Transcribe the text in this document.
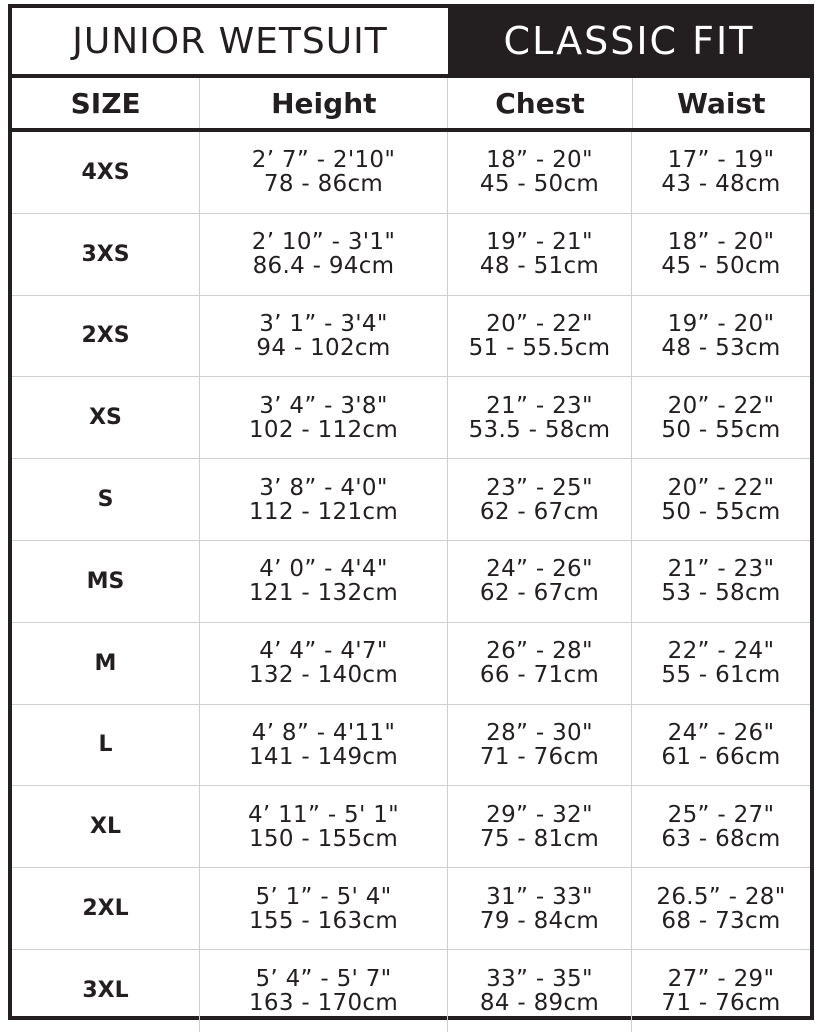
JUNIOR WETSUIT	CLASSIC FIT
SIZE	Height	Chest	Waist
4XS	2’ 7” - 2'10"
78 - 86cm
18” - 20"
45 - 50cm
17” - 19"
43 - 48cm
3XS	2’ 10” - 3'1"
86.4 - 94cm
19” - 21"
48 - 51cm
18” - 20"
45 - 50cm
2XS	3’ 1” - 3'4"
94 - 102cm
20” - 22"
51 - 55.5cm
19” - 20"
48 - 53cm
XS	3’ 4” - 3'8"
102 - 112cm
21” - 23"
53.5 - 58cm
20” - 22"
50 - 55cm
S	3’ 8” - 4'0"
112 - 121cm
23” - 25"
62 - 67cm
20” - 22"
50 - 55cm
MS	4’ 0” - 4'4"
121 - 132cm
24” - 26"
62 - 67cm
21” - 23"
53 - 58cm
M	4’ 4” - 4'7"
132 - 140cm
26” - 28"
66 - 71cm
22” - 24"
55 - 61cm
L	4’ 8” - 4'11"
141 - 149cm
28” - 30"
71 - 76cm
24” - 26"
61 - 66cm
XL	4’ 11” - 5' 1"
150 - 155cm
29” - 32"
75 - 81cm
25” - 27"
63 - 68cm
2XL	5’ 1” - 5' 4"
155 - 163cm
31” - 33"
79 - 84cm
26.5” - 28"
68 - 73cm
3XL	5’ 4” - 5' 7"
163 - 170cm
33” - 35"
84 - 89cm
27” - 29"
71 - 76cm
